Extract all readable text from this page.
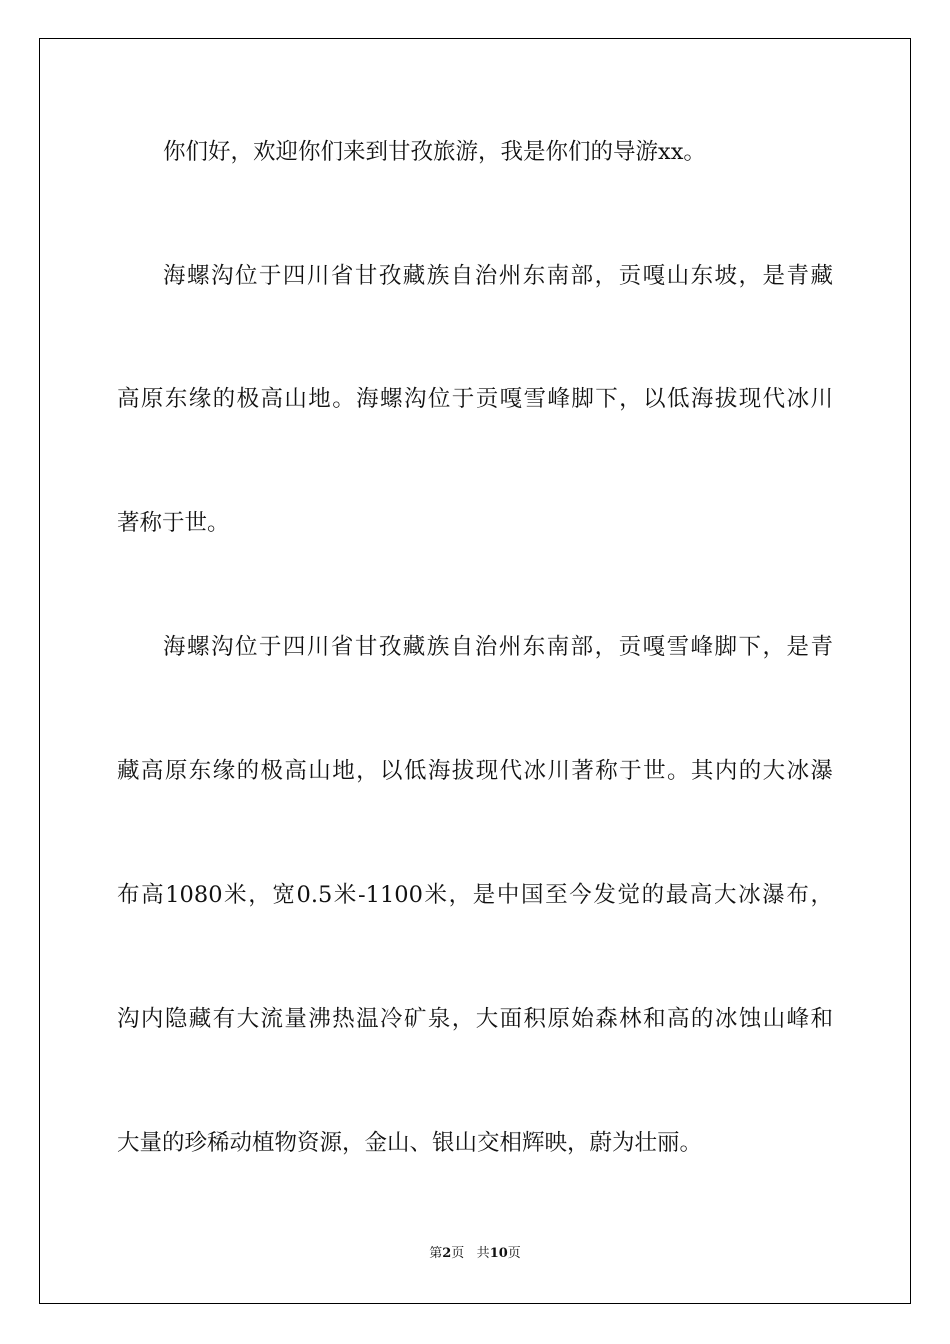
你们好，欢迎你们来到甘孜旅游，我是你们的导游xx。

海螺沟位于四川省甘孜藏族自治州东南部，贡嘎山东坡，是青藏

高原东缘的极高山地。海螺沟位于贡嘎雪峰脚下，以低海拔现代冰川

著称于世。

海螺沟位于四川省甘孜藏族自治州东南部，贡嘎雪峰脚下，是青

藏高原东缘的极高山地，以低海拔现代冰川著称于世。其内的大冰瀑

布高1080米，宽0.5米-1100米，是中国至今发觉的最高大冰瀑布，

沟内隐藏有大流量沸热温冷矿泉，大面积原始森林和高的冰蚀山峰和

大量的珍稀动植物资源，金山、银山交相辉映，蔚为壮丽。

第2页 共10页
